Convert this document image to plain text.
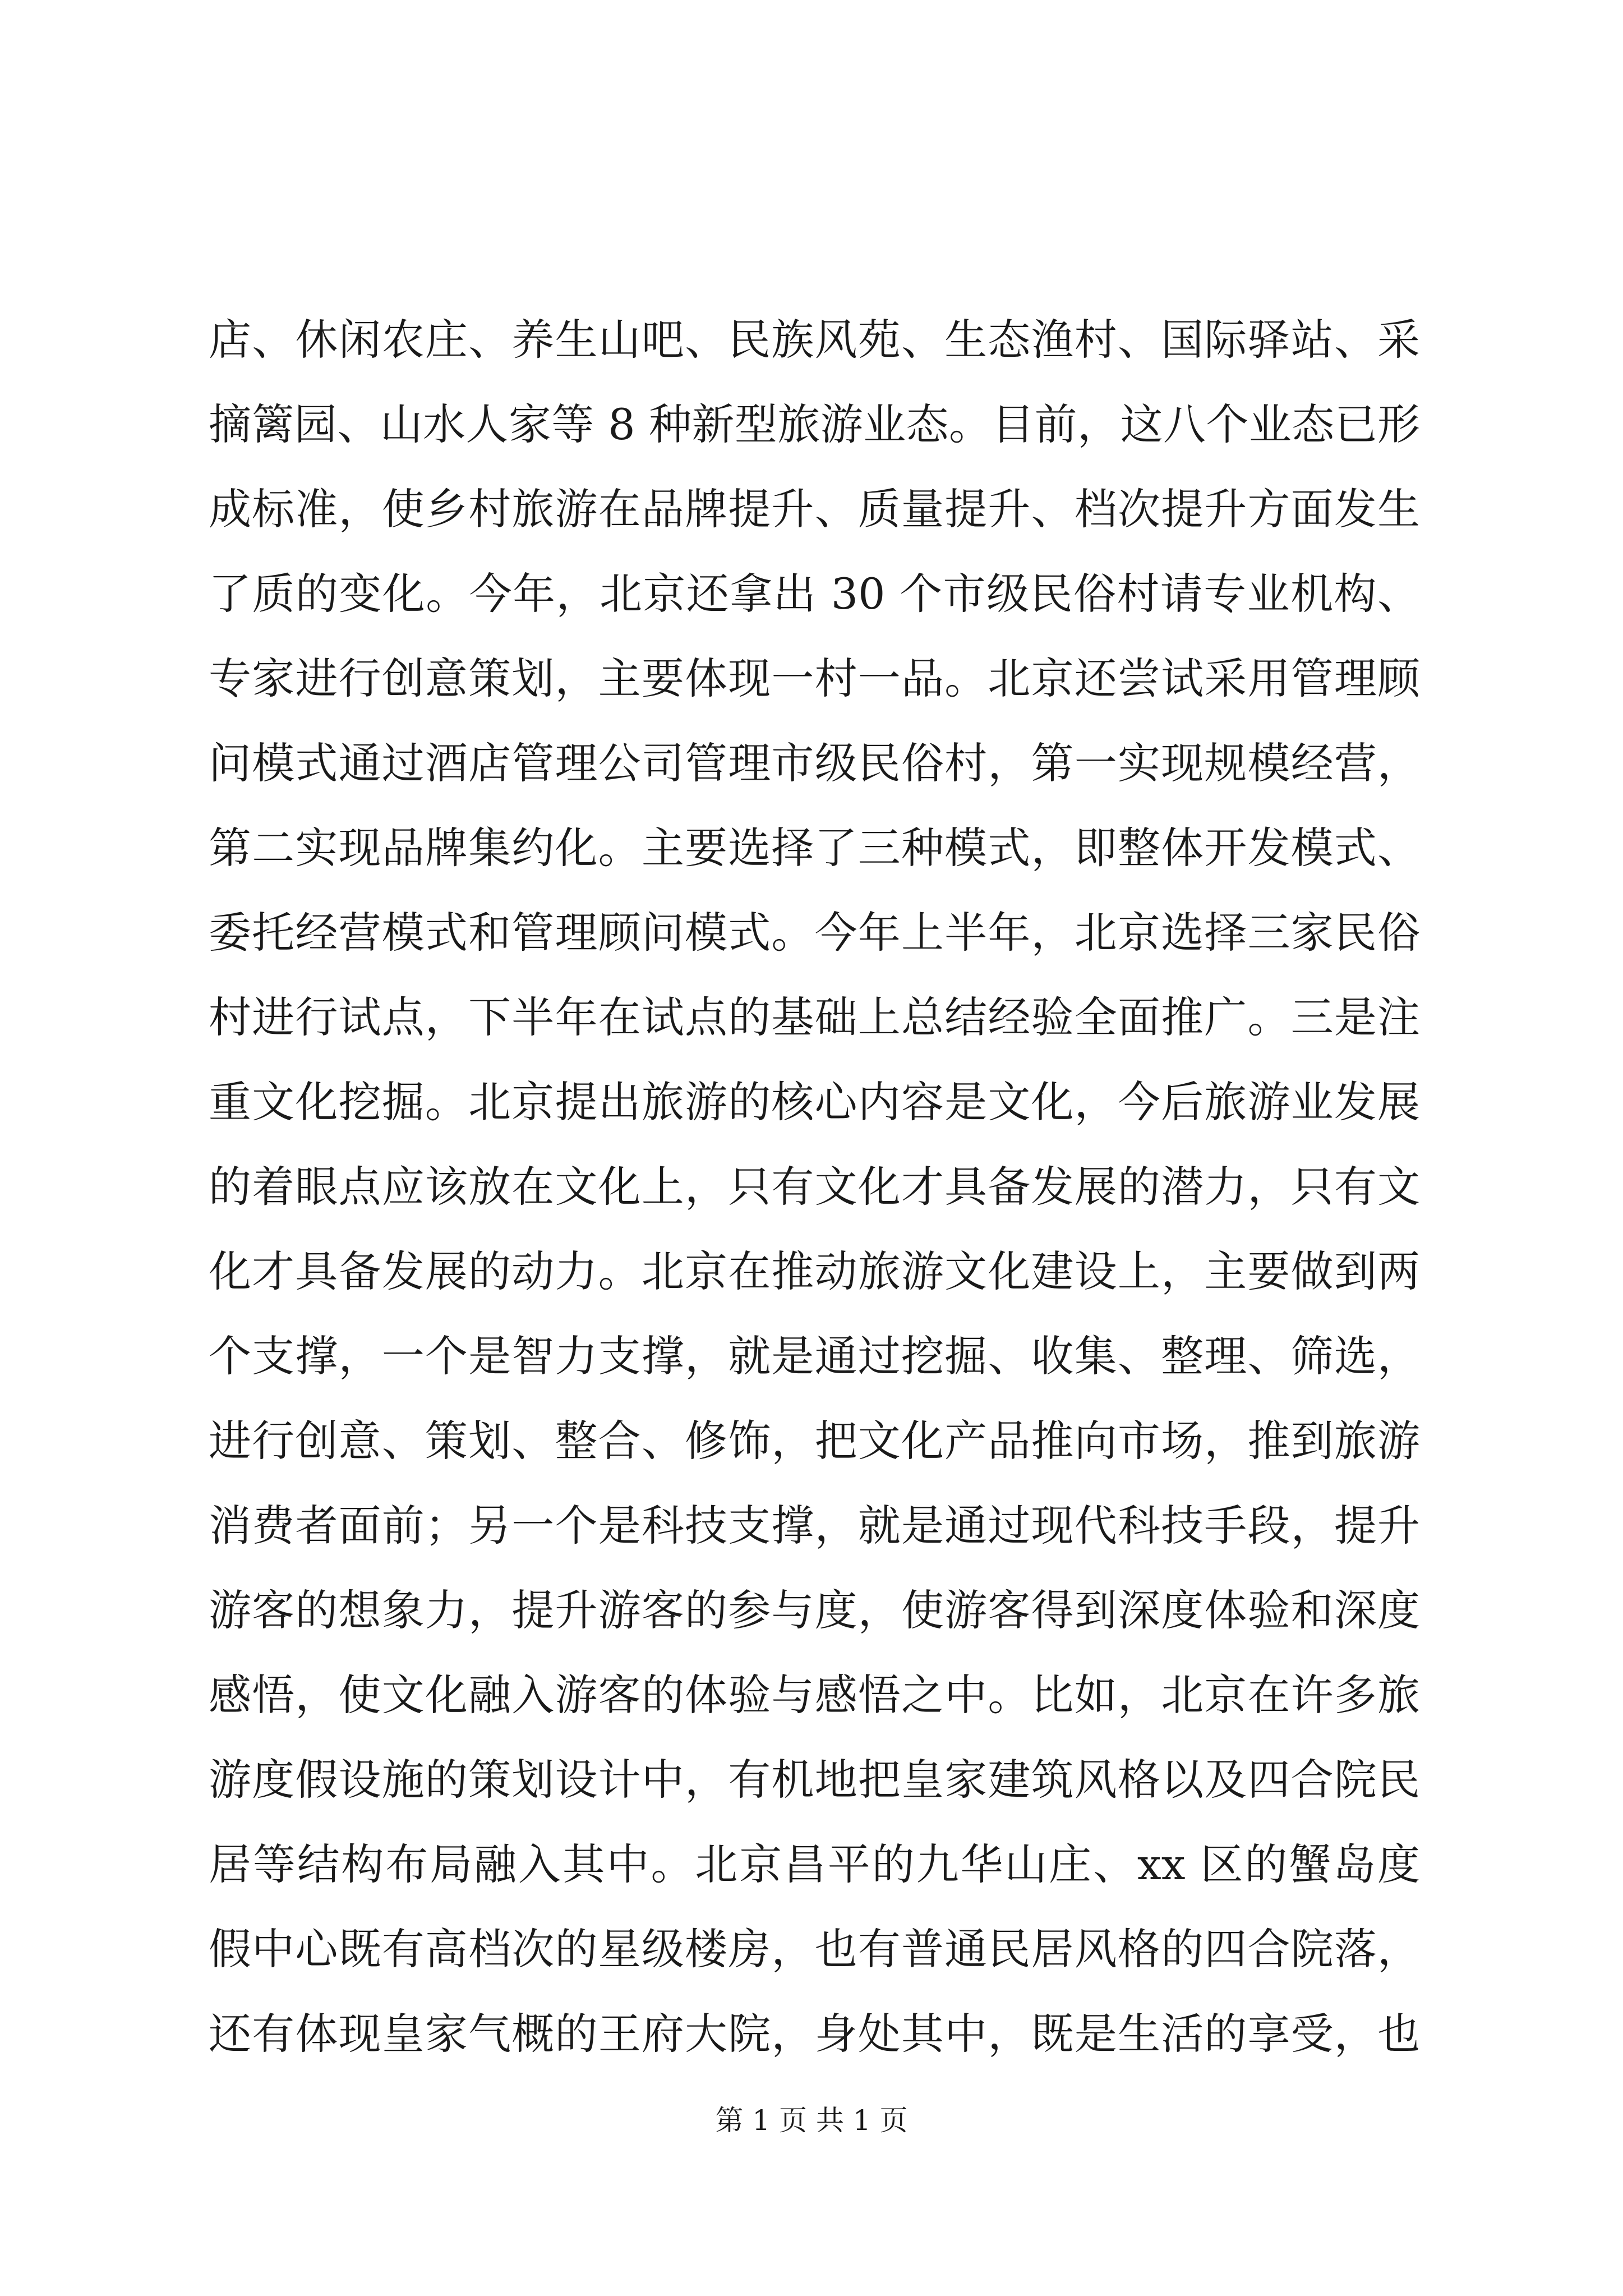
店、休闲农庄、养生山吧、民族风苑、生态渔村、国际驿站、采
摘篱园、山水人家等 8 种新型旅游业态。目前，这八个业态已形
成标准，使乡村旅游在品牌提升、质量提升、档次提升方面发生
了质的变化。今年，北京还拿出 30 个市级民俗村请专业机构、
专家进行创意策划，主要体现一村一品。北京还尝试采用管理顾
问模式通过酒店管理公司管理市级民俗村，第一实现规模经营，
第二实现品牌集约化。主要选择了三种模式，即整体开发模式、
委托经营模式和管理顾问模式。今年上半年，北京选择三家民俗
村进行试点，下半年在试点的基础上总结经验全面推广。三是注
重文化挖掘。北京提出旅游的核心内容是文化，今后旅游业发展
的着眼点应该放在文化上，只有文化才具备发展的潜力，只有文
化才具备发展的动力。北京在推动旅游文化建设上，主要做到两
个支撑，一个是智力支撑，就是通过挖掘、收集、整理、筛选，
进行创意、策划、整合、修饰，把文化产品推向市场，推到旅游
消费者面前；另一个是科技支撑，就是通过现代科技手段，提升
游客的想象力，提升游客的参与度，使游客得到深度体验和深度
感悟，使文化融入游客的体验与感悟之中。比如，北京在许多旅
游度假设施的策划设计中，有机地把皇家建筑风格以及四合院民
居等结构布局融入其中。北京昌平的九华山庄、xx 区的蟹岛度
假中心既有高档次的星级楼房，也有普通民居风格的四合院落，
还有体现皇家气概的王府大院，身处其中，既是生活的享受，也
第 1 页 共 1 页
